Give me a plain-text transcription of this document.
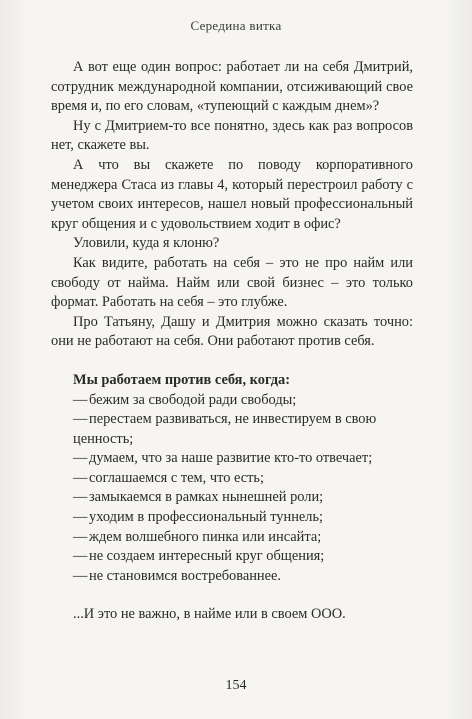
Середина витка

А вот еще один вопрос: работает ли на себя Дмитрий, сотрудник международной компании, отсиживающий свое время и, по его словам, «тупеющий с каждым днем»?

Ну с Дмитрием-то все понятно, здесь как раз вопросов нет, скажете вы.

А что вы скажете по поводу корпоративного менеджера Стаса из главы 4, который перестроил работу с учетом своих интересов, нашел новый профессиональный круг общения и с удовольствием ходит в офис?

Уловили, куда я клоню?

Как видите, работать на себя – это не про найм или свободу от найма. Найм или свой бизнес – это только формат. Работать на себя – это глубже.

Про Татьяну, Дашу и Дмитрия можно сказать точно: они не работают на себя. Они работают против себя.

Мы работаем против себя, когда:

— бежим за свободой ради свободы;
— перестаем развиваться, не инвестируем в свою ценность;
— думаем, что за наше развитие кто-то отвечает;
— соглашаемся с тем, что есть;
— замыкаемся в рамках нынешней роли;
— уходим в профессиональный туннель;
— ждем волшебного пинка или инсайта;
— не создаем интересный круг общения;
— не становимся востребованнее.

...И это не важно, в найме или в своем ООО.

154
